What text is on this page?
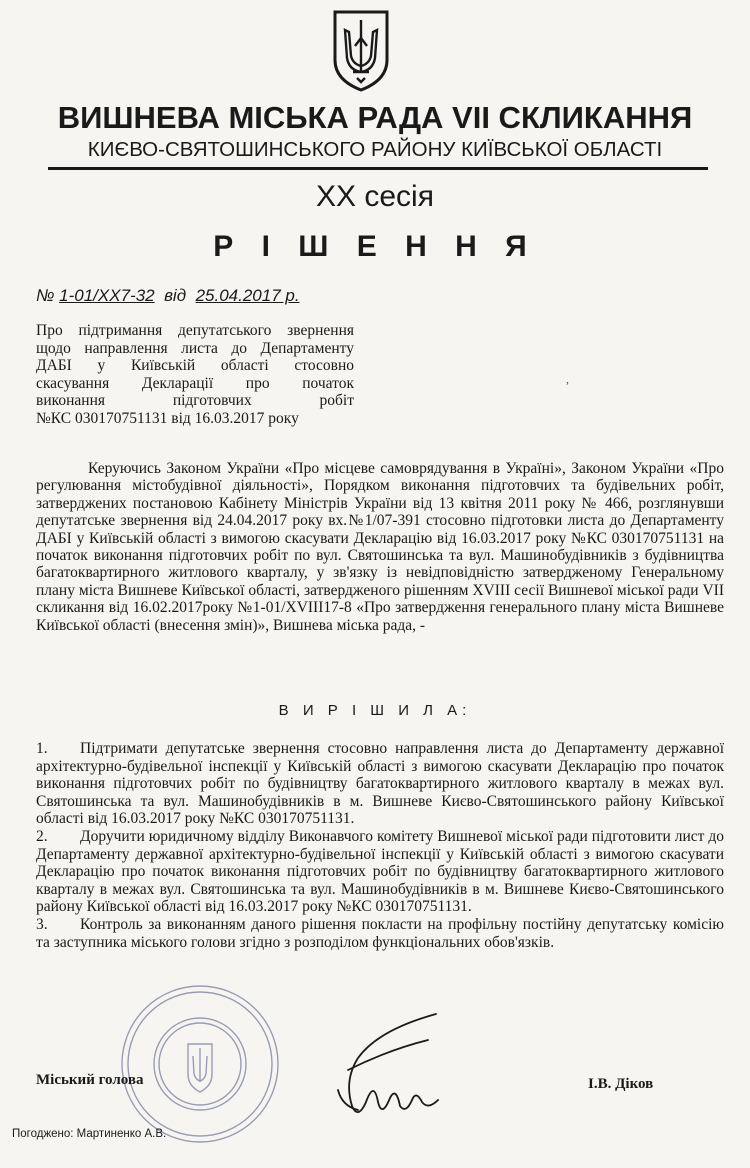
ВИШНЕВА МІСЬКА РАДА VII СКЛИКАННЯ
КИЄВО-СВЯТОШИНСЬКОГО РАЙОНУ КИЇВСЬКОЇ ОБЛАСТІ
XX сесія
Р І Ш Е Н Н Я
№ 1-01/XX7-32 від 25.04.2017 р.
Про підтримання депутатського звернення
щодо направлення листа до Департаменту
ДАБІ у Київській області стосовно
скасування Декларації про початок
виконання підготовчих робіт
№КС 030170751131 від 16.03.2017 року
,

Керуючись Законом України «Про місцеве самоврядування в Україні», Законом України «Про регулювання містобудівної діяльності», Порядком виконання підготовчих та будівельних робіт, затверджених постановою Кабінету Міністрів України від 13 квітня 2011 року № 466, розглянувши депутатське звернення від 24.04.2017 року вх.№1/07-391 стосовно підготовки листа до Департаменту ДАБІ у Київській області з вимогою скасувати Декларацію від 16.03.2017 року №КС 030170751131 на початок виконання підготовчих робіт по вул. Святошинська та вул. Машинобудівників з будівництва багатоквартирного житлового кварталу, у зв'язку із невідповідністю затвердженому Генеральному плану міста Вишневе Київської області, затвердженого рішенням XVIII сесії Вишневої міської ради VII скликання від 16.02.2017року №1-01/XVIII17-8 «Про затвердження генерального плану міста Вишневе Київської області (внесення змін)», Вишнева міська рада, -

В И Р І Ш И Л А:
1. Підтримати депутатське звернення стосовно направлення листа до Департаменту державної архітектурно-будівельної інспекції у Київській області з вимогою скасувати Декларацію про початок виконання підготовчих робіт по будівництву багатоквартирного житлового кварталу в межах вул. Святошинська та вул. Машинобудівників в м. Вишневе Києво-Святошинського району Київської області від 16.03.2017 року №КС 030170751131.
2. Доручити юридичному відділу Виконавчого комітету Вишневої міської ради підготовити лист до Департаменту державної архітектурно-будівельної інспекції у Київській області з вимогою скасувати Декларацію про початок виконання підготовчих робіт по будівництву багатоквартирного житлового кварталу в межах вул. Святошинська та вул. Машинобудівників в м. Вишневе Києво-Святошинського району Київської області від 16.03.2017 року №КС 030170751131.
3. Контроль за виконанням даного рішення покласти на профільну постійну депутатську комісію та заступника міського голови згідно з розподілом функціональних обов'язків.
Міський голова	І.В. Діков
Погоджено: Мартиненко А.В.
